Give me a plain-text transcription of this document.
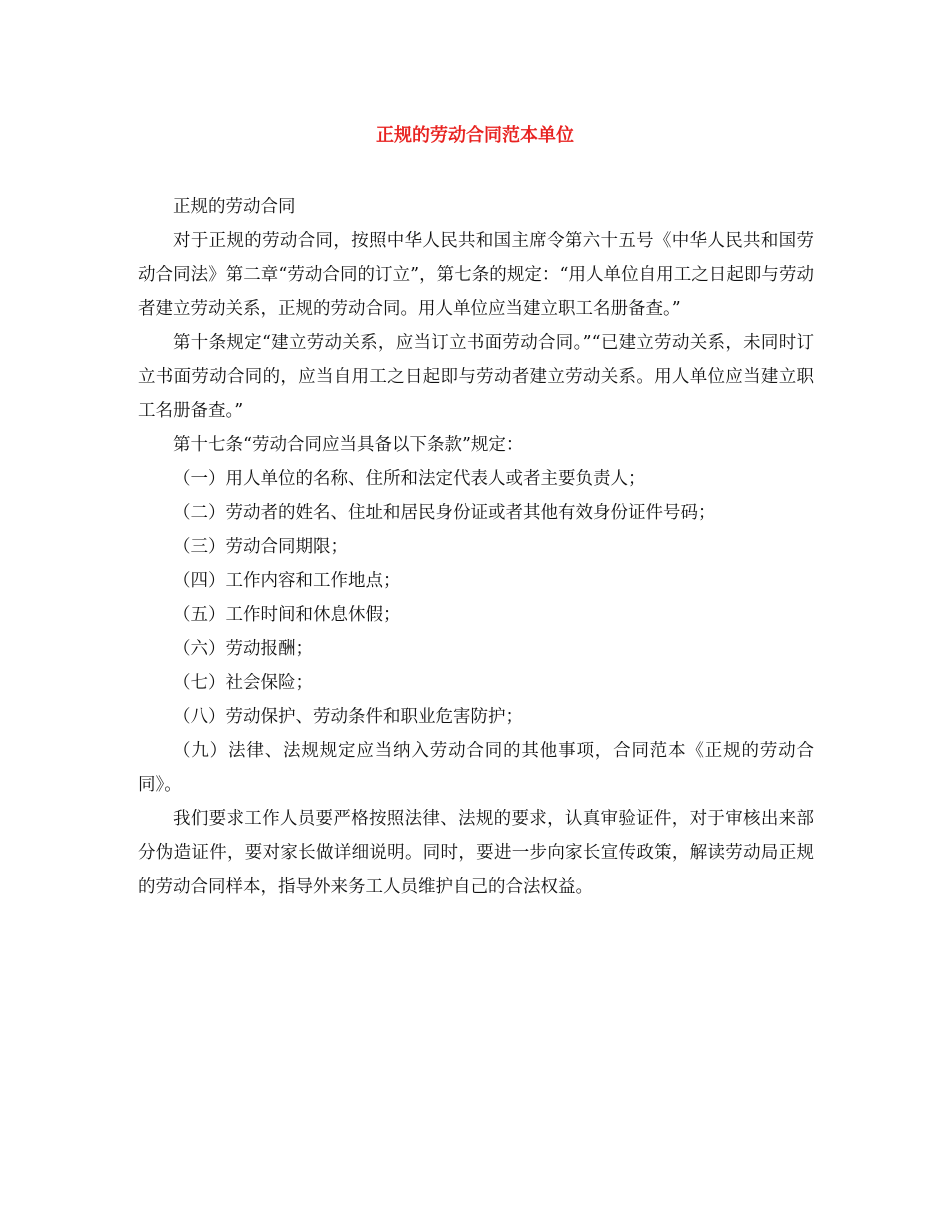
正规的劳动合同范本单位

正规的劳动合同

对于正规的劳动合同，按照中华人民共和国主席令第六十五号《中华人民共和国劳动合同法》第二章“劳动合同的订立”，第七条的规定：“用人单位自用工之日起即与劳动者建立劳动关系，正规的劳动合同。用人单位应当建立职工名册备查。”

第十条规定“建立劳动关系，应当订立书面劳动合同。”“已建立劳动关系，未同时订立书面劳动合同的，应当自用工之日起即与劳动者建立劳动关系。用人单位应当建立职工名册备查。”

第十七条“劳动合同应当具备以下条款”规定：

（一）用人单位的名称、住所和法定代表人或者主要负责人；

（二）劳动者的姓名、住址和居民身份证或者其他有效身份证件号码；

（三）劳动合同期限；

（四）工作内容和工作地点；

（五）工作时间和休息休假；

（六）劳动报酬；

（七）社会保险；

（八）劳动保护、劳动条件和职业危害防护；

（九）法律、法规规定应当纳入劳动合同的其他事项，合同范本《正规的劳动合同》。

我们要求工作人员要严格按照法律、法规的要求，认真审验证件，对于审核出来部分伪造证件，要对家长做详细说明。同时，要进一步向家长宣传政策，解读劳动局正规的劳动合同样本，指导外来务工人员维护自己的合法权益。
